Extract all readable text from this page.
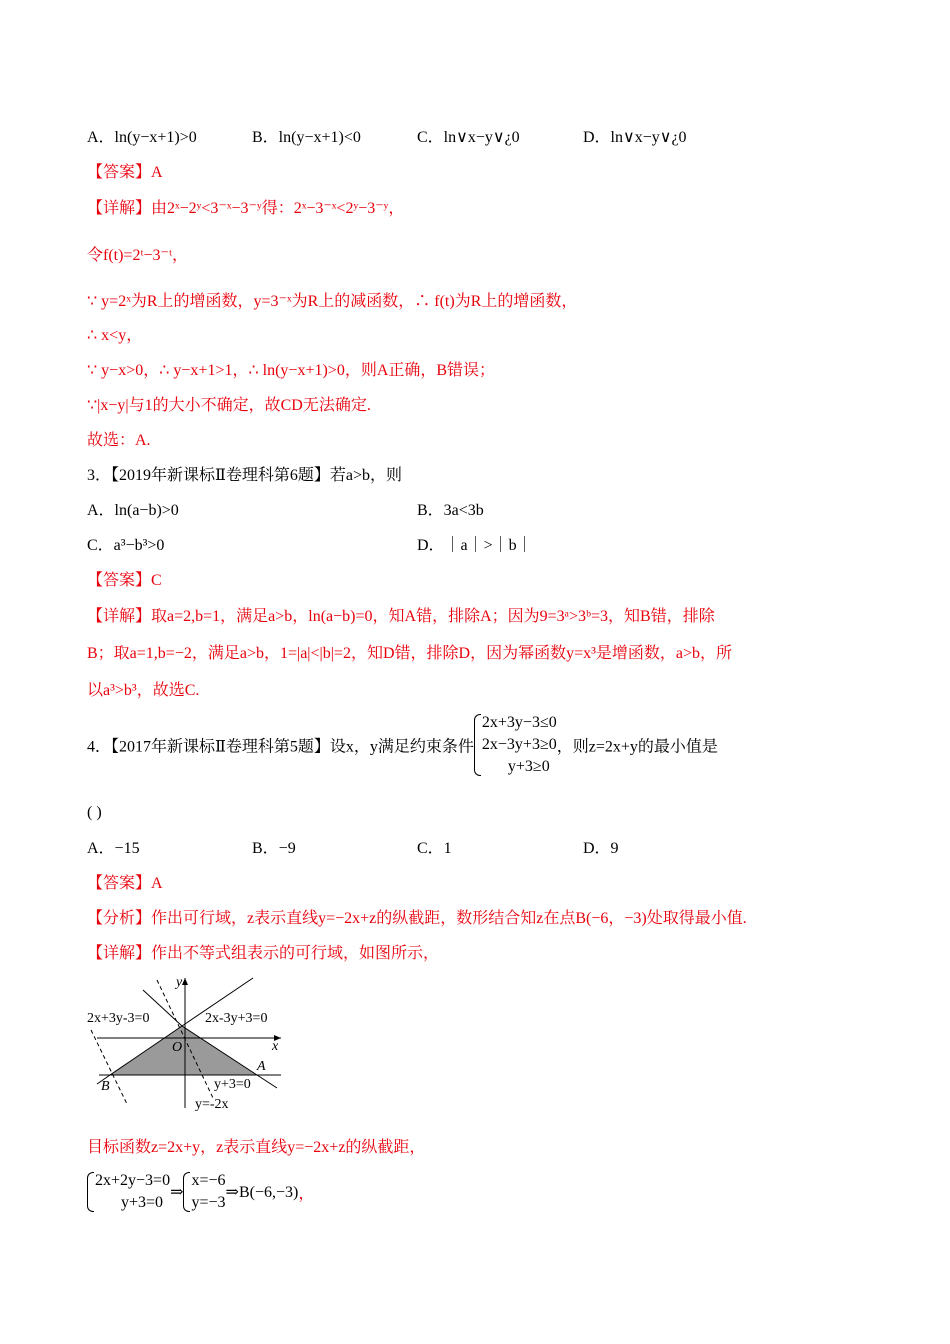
A．ln(y−x+1)>0	B．ln(y−x+1)<0	C．ln∨x−y∨¿0	D．ln∨x−y∨¿0
【答案】A
【详解】由2ˣ−2ʸ<3⁻ˣ−3⁻ʸ得：2ˣ−3⁻ˣ<2ʸ−3⁻ʸ，
令f(t)=2ᵗ−3⁻ᵗ，
∵ y=2ˣ为R上的增函数，y=3⁻ˣ为R上的减函数，∴ f(t)为R上的增函数，
∴ x<y，
∵ y−x>0，∴ y−x+1>1，∴ ln(y−x+1)>0，则A正确，B错误；
∵|x−y|与1的大小不确定，故CD无法确定.
故选：A.
3．【2019年新课标Ⅱ卷理科第6题】若a>b，则
A．ln(a−b)>0	B．3a<3b
C．a³−b³>0	D．｜a｜>｜b｜
【答案】C
【详解】取a=2,b=1，满足a>b，ln(a−b)=0，知A错，排除A；因为9=3ᵃ>3ᵇ=3，知B错，排除
B；取a=1,b=−2，满足a>b，1=|a|<|b|=2，知D错，排除D，因为幂函数y=x³是增函数，a>b，所
以a³>b³，故选C.
4．【2017年新课标Ⅱ卷理科第5题】设x，y满足约束条件
2x+3y−3≤0
2x−3y+3≥0
y+3≥0
，则z=2x+y的最小值是
( )
A．−15	B．−9	C．1	D．9
【答案】A
【分析】作出可行域，z表示直线y=−2x+z的纵截距，数形结合知z在点B(−6，−3)处取得最小值.
【详解】作出不等式组表示的可行域，如图所示，
y
x
O
2x+3y-3=0	2x-3y+3=0
y+3=0
y=-2x
A
B
目标函数z=2x+y，z表示直线y=−2x+z的纵截距，
2x+2y−3=0
y+3=0
⇒
x=−6
y=−3
⇒B(−6,−3)，
